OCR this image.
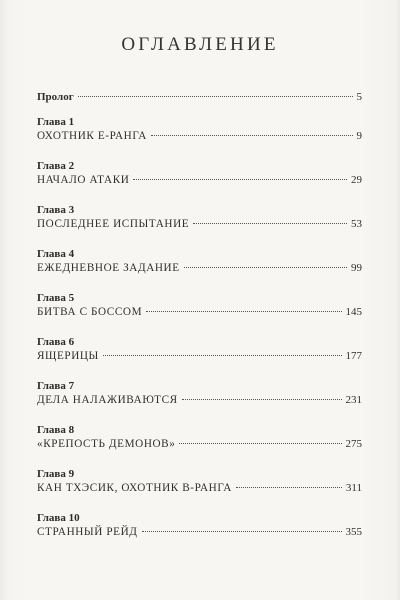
ОГЛАВЛЕНИЕ
Пролог	5
Глава 1
ОХОТНИК Е-РАНГА	9
Глава 2
НАЧАЛО АТАКИ	29
Глава 3
ПОСЛЕДНЕЕ ИСПЫТАНИЕ	53
Глава 4
ЕЖЕДНЕВНОЕ ЗАДАНИЕ	99
Глава 5
БИТВА С БОССОМ	145
Глава 6
ЯЩЕРИЦЫ	177
Глава 7
ДЕЛА НАЛАЖИВАЮТСЯ	231
Глава 8
«КРЕПОСТЬ ДЕМОНОВ»	275
Глава 9
КАН ТХЭСИК, ОХОТНИК В-РАНГА	311
Глава 10
СТРАННЫЙ РЕЙД	355
